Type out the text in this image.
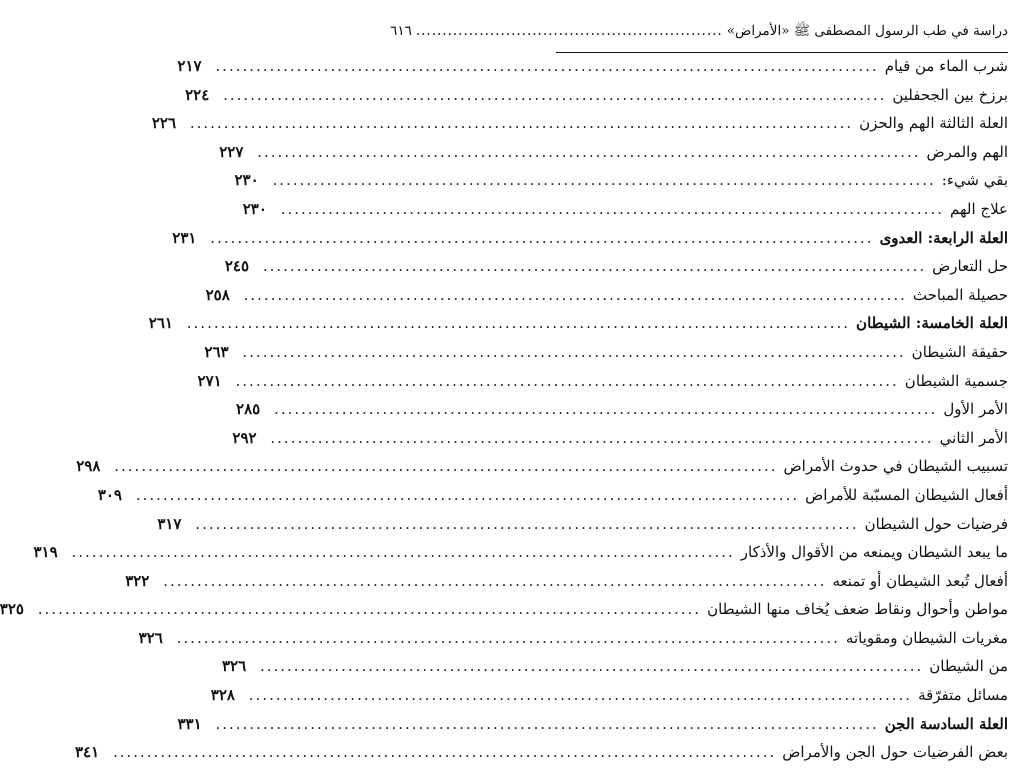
دراسة في طب الرسول المصطفى ﷺ «الأمراض»
..........................................................
٦١٦
شرب الماء من قيام
..................................................................................................
٢١٧
برزخ بين الجحفلين
..................................................................................................
٢٢٤
العلة الثالثة الهم والحزن
..................................................................................................
٢٢٦
الهم والمرض
..................................................................................................
٢٢٧
بقي شيء:
..................................................................................................
٢٣٠
علاج الهم
..................................................................................................
٢٣٠
العلة الرابعة: العدوى
..................................................................................................
٢٣١
حل التعارض
..................................................................................................
٢٤٥
حصيلة المباحث
..................................................................................................
٢٥٨
العلة الخامسة: الشيطان
..................................................................................................
٢٦١
حقيقة الشيطان
..................................................................................................
٢٦٣
جسمية الشيطان
..................................................................................................
٢٧١
الأمر الأول
..................................................................................................
٢٨٥
الأمر الثاني
..................................................................................................
٢٩٢
تسبيب الشيطان في حدوث الأمراض
..................................................................................................
٢٩٨
أفعال الشيطان المسبّبة للأمراض
..................................................................................................
٣٠٩
فرضيات حول الشيطان
..................................................................................................
٣١٧
ما يبعد الشيطان ويمنعه من الأقوال والأذكار
..................................................................................................
٣١٩
أفعال تُبعد الشيطان أو تمنعه
..................................................................................................
٣٢٢
مواطن وأحوال ونقاط ضعف يُخاف منها الشيطان
..................................................................................................
٣٢٥
مغريات الشيطان ومقوياته
..................................................................................................
٣٢٦
من الشيطان
..................................................................................................
٣٢٦
مسائل متفرّقة
..................................................................................................
٣٢٨
العلة السادسة الجن
..................................................................................................
٣٣١
بعض الفرضيات حول الجن والأمراض
..................................................................................................
٣٤١
